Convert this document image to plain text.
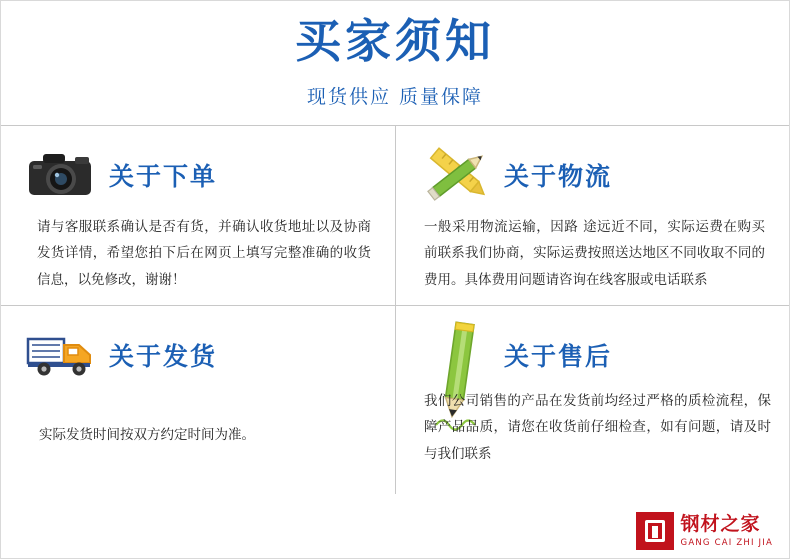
买家须知
现货供应 质量保障
关于下单
请与客服联系确认是否有货，并确认收货地址以及协商发货详情，希望您拍下后在网页上填写完整准确的收货信息，以免修改，谢谢！
关于物流
一般采用物流运输，因路 途远近不同，实际运费在购买前联系我们协商，实际运费按照送达地区不同收取不同的费用。具体费用问题请咨询在线客服或电话联系
关于发货
实际发货时间按双方约定时间为准。
关于售后
我们公司销售的产品在发货前均经过严格的质检流程，保障产品品质，请您在收货前仔细检查，如有问题，请及时与我们联系
钢材之家
GANG CAI ZHI JIA
